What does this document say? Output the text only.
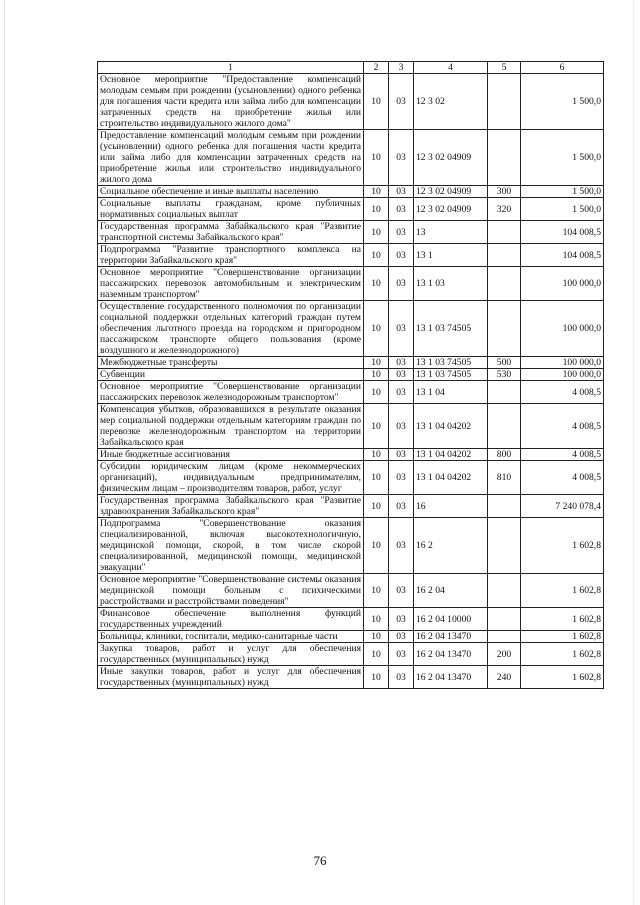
1	2	3	4	5	6
Основное мероприятие "Предоставление компенсаций молодым семьям при рождении (усыновлении) одного ребенка для погашения части кредита или займа либо для компенсации затраченных средств на приобретение жилья или строительство индивидуального жилого дома"	10	03	12 3 02		1 500,0
Предоставление компенсаций молодым семьям при рождении (усыновлении) одного ребенка для погашения части кредита или займа либо для компенсации затраченных средств на приобретение жилья или строительство индивидуального жилого дома	10	03	12 3 02 04909		1 500,0
Социальное обеспечение и иные выплаты населению	10	03	12 3 02 04909	300	1 500,0
Социальные выплаты гражданам, кроме публичных нормативных социальных выплат	10	03	12 3 02 04909	320	1 500,0
Государственная программа Забайкальского края "Развитие транспортной системы Забайкальского края"	10	03	13		104 008,5
Подпрограмма "Развитие транспортного комплекса на территории Забайкальского края"	10	03	13 1		104 008,5
Основное мероприятие "Совершенствование организации пассажирских перевозок автомобильным и электрическим наземным транспортом"	10	03	13 1 03		100 000,0
Осуществление государственного полномочия по организации социальной поддержки отдельных категорий граждан путем обеспечения льготного проезда на городском и пригородном пассажирском транспорте общего пользования (кроме воздушного и железнодорожного)	10	03	13 1 03 74505		100 000,0
Межбюджетные трансферты	10	03	13 1 03 74505	500	100 000,0
Субвенции	10	03	13 1 03 74505	530	100 000,0
Основное мероприятие "Совершенствование организации пассажирских перевозок железнодорожным транспортом"	10	03	13 1 04		4 008,5
Компенсация убытков, образовавшихся в результате оказания мер социальной поддержки отдельным категориям граждан по перевозке железнодорожным транспортом на территории Забайкальского края	10	03	13 1 04 04202		4 008,5
Иные бюджетные ассигнования	10	03	13 1 04 04202	800	4 008,5
Субсидии юридическим лицам (кроме некоммерческих организаций), индивидуальным предпринимателям, физическим лицам – производителям товаров, работ, услуг	10	03	13 1 04 04202	810	4 008,5
Государственная программа Забайкальского края "Развитие здравоохранения Забайкальского края"	10	03	16		7 240 078,4
Подпрограмма "Совершенствование оказания специализированной, включая высокотехнологичную, медицинской помощи, скорой, в том числе скорой специализированной, медицинской помощи, медицинской эвакуации"	10	03	16 2		1 602,8
Основное мероприятие "Совершенствование системы оказания медицинской помощи больным с психическими расстройствами и расстройствами поведения"	10	03	16 2 04		1 602,8
Финансовое обеспечение выполнения функций государственных учреждений	10	03	16 2 04 10000		1 602,8
Больницы, клиники, госпитали, медико-санитарные части	10	03	16 2 04 13470		1 602,8
Закупка товаров, работ и услуг для обеспечения государственных (муниципальных) нужд	10	03	16 2 04 13470	200	1 602,8
Иные закупки товаров, работ и услуг для обеспечения государственных (муниципальных) нужд	10	03	16 2 04 13470	240	1 602,8
76
